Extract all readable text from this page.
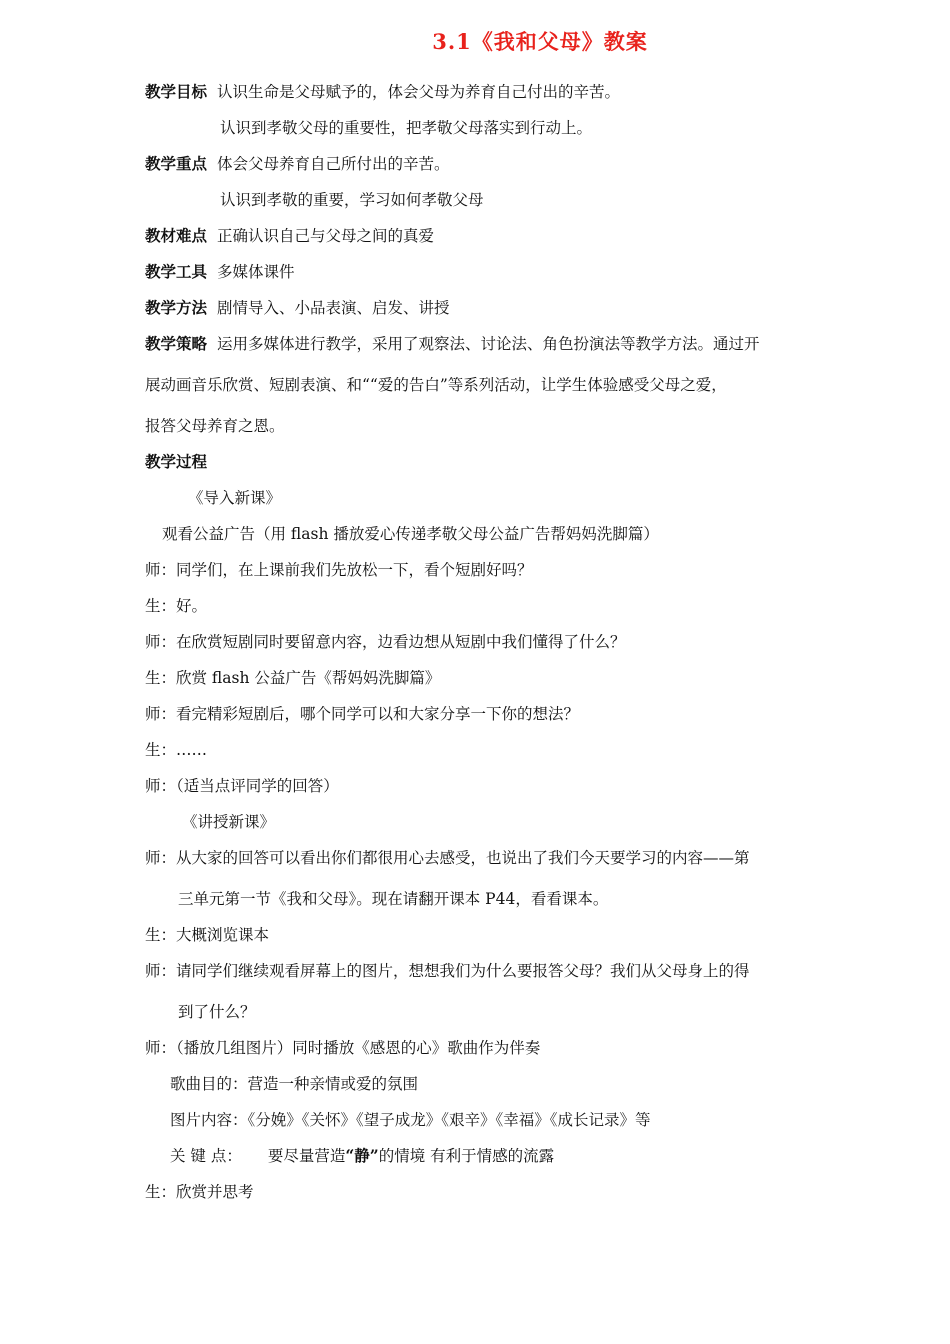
3.1《我和父母》教案
教学目标 认识生命是父母赋予的，体会父母为养育自己付出的辛苦。
认识到孝敬父母的重要性，把孝敬父母落实到行动上。
教学重点 体会父母养育自己所付出的辛苦。
认识到孝敬的重要，学习如何孝敬父母
教材难点 正确认识自己与父母之间的真爱
教学工具 多媒体课件
教学方法 剧情导入、小品表演、启发、讲授
教学策略 运用多媒体进行教学，采用了观察法、讨论法、角色扮演法等教学方法。通过开
展动画音乐欣赏、短剧表演、和““爱的告白”等系列活动，让学生体验感受父母之爱，
报答父母养育之恩。
教学过程
《导入新课》
观看公益广告（用 flash 播放爱心传递孝敬父母公益广告帮妈妈洗脚篇）
师：同学们，在上课前我们先放松一下，看个短剧好吗？
生：好。
师：在欣赏短剧同时要留意内容，边看边想从短剧中我们懂得了什么？
生：欣赏 flash 公益广告《帮妈妈洗脚篇》
师：看完精彩短剧后，哪个同学可以和大家分享一下你的想法？
生：……
师：（适当点评同学的回答）
《讲授新课》
师：从大家的回答可以看出你们都很用心去感受，也说出了我们今天要学习的内容——第
三单元第一节《我和父母》。现在请翻开课本 P44，看看课本。
生：大概浏览课本
师：请同学们继续观看屏幕上的图片，想想我们为什么要报答父母？我们从父母身上的得
到了什么？
师：（播放几组图片）同时播放《感恩的心》歌曲作为伴奏
歌曲目的：营造一种亲情或爱的氛围
图片内容：《分娩》《关怀》《望子成龙》《艰辛》《幸福》《成长记录》等
关 键 点： 要尽量营造“静”的情境 有利于情感的流露
生：欣赏并思考
